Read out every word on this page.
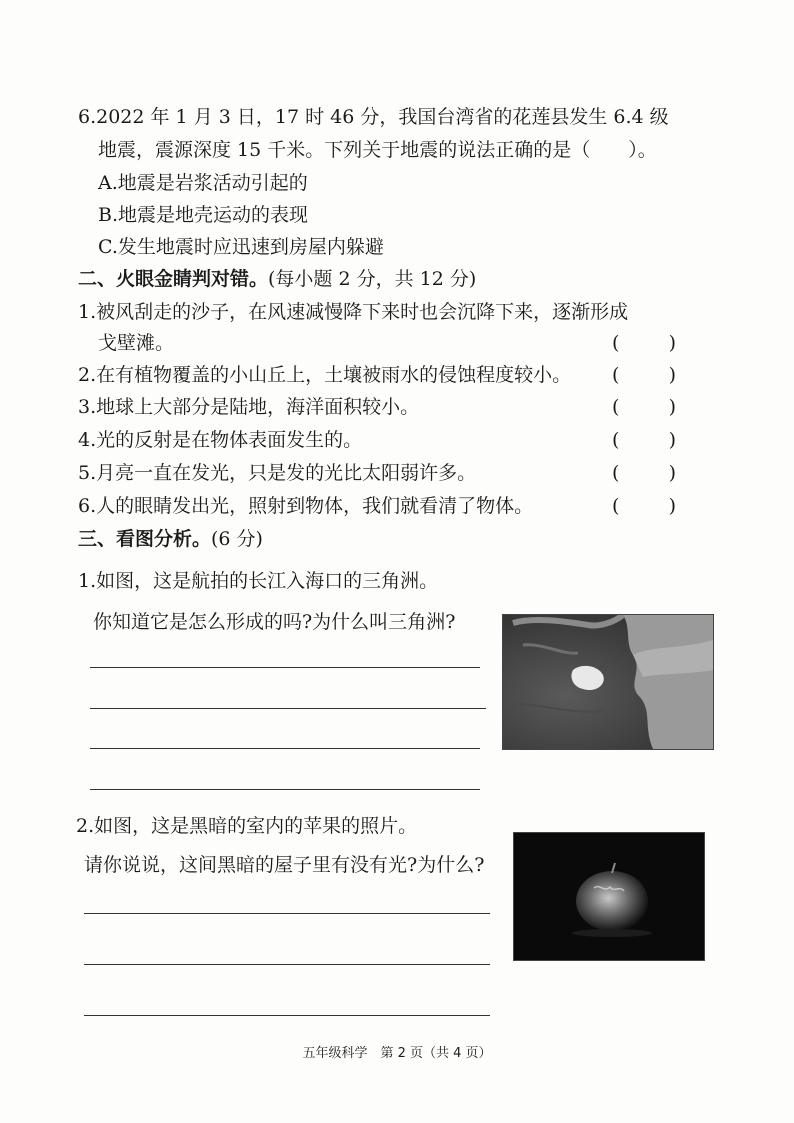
6.2022 年 1 月 3 日，17 时 46 分，我国台湾省的花莲县发生 6.4 级
地震，震源深度 15 千米。下列关于地震的说法正确的是（　　）。
A.地震是岩浆活动引起的
B.地震是地壳运动的表现
C.发生地震时应迅速到房屋内躲避
二、火眼金睛判对错。(每小题 2 分，共 12 分)
1.被风刮走的沙子，在风速减慢降下来时也会沉降下来，逐渐形成
戈壁滩。	(	)
2.在有植物覆盖的小山丘上，土壤被雨水的侵蚀程度较小。 (	)
3.地球上大部分是陆地，海洋面积较小。	(	)
4.光的反射是在物体表面发生的。	(	)
5.月亮一直在发光，只是发的光比太阳弱许多。	(	)
6.人的眼睛发出光，照射到物体，我们就看清了物体。	(	)
三、看图分析。(6 分)
1.如图，这是航拍的长江入海口的三角洲。
你知道它是怎么形成的吗?为什么叫三角洲?
2.如图，这是黑暗的室内的苹果的照片。
请你说说，这间黑暗的屋子里有没有光?为什么?
五年级科学　第 2 页（共 4 页）
